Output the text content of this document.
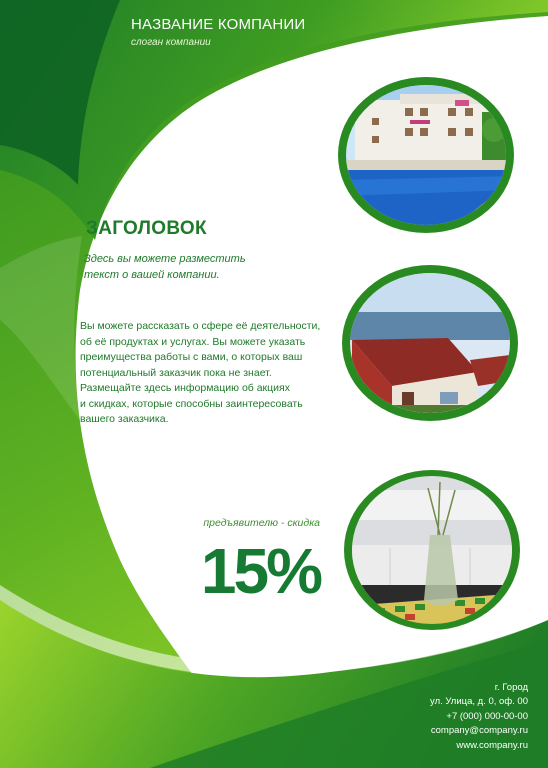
НАЗВАНИЕ КОМПАНИИ
слоган компании
ЗАГОЛОВОК
Здесь вы можете разместить
текст о вашей компании.
Вы можете рассказать о сфере её деятельности,
об её продуктах и услугах. Вы можете указать
преимущества работы с вами, о которых ваш
потенциальный заказчик пока не знает.
Размещайте здесь информацию об акциях
и скидках, которые способны заинтересовать
вашего заказчика.
предъявителю - скидка
15%
г. Город
ул. Улица, д. 0, оф. 00
+7 (000) 000-00-00
company@company.ru
www.company.ru
